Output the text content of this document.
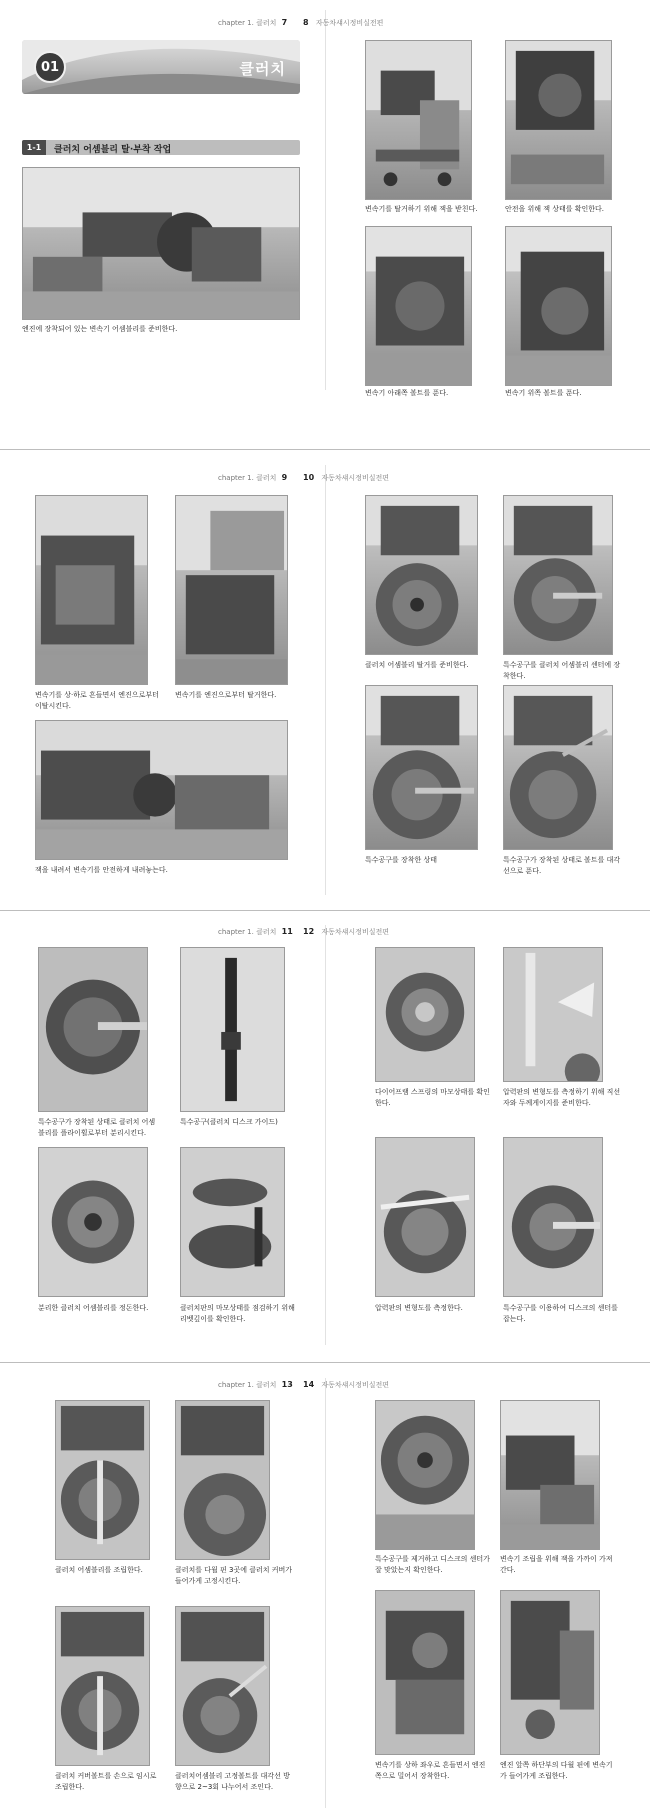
chapter 1. 클러치 7 8 자동차섀시정비실전편
01	클러치
1-1	클러치 어셈블리 탈·부착 작업
엔진에 장착되어 있는 변속기 어셈블리를 준비한다.
변속기를 탈거하기 위해 잭을 받친다.	안전을 위해 잭 상태를 확인한다.
변속기 아래쪽 볼트를 푼다.	변속기 위쪽 볼트를 푼다.
chapter 1. 클러치 9 10 자동차섀시정비실전편
변속기를 상·하로 흔들면서 엔진으로부터 이탈시킨다.
변속기를 엔진으로부터 탈거한다.
잭을 내려서 변속기를 안전하게 내려놓는다.
클러치 어셈블리 탈거를 준비한다.	특수공구를 클러치 어셈블리 센터에 장착한다.
특수공구를 장착한 상태	특수공구가 장착된 상태로 볼트를 대각선으로 푼다.
chapter 1. 클러치 11 12 자동차섀시정비실전편
특수공구가 장착된 상태로 클러치 어셈블리를 플라이휠로부터 분리시킨다.
특수공구(클러치 디스크 가이드)
분리한 클러치 어셈블리를 정돈한다.	클러치판의 마모상태를 점검하기 위해 리벳깊이를 확인한다.
다이어프램 스프링의 마모상태를 확인한다.
압력판의 변형도를 측정하기 위해 직선자와 두께게이지를 준비한다.
압력판의 변형도를 측정한다.	특수공구를 이용하여 디스크의 센터를 잡는다.
chapter 1. 클러치 13 14 자동차섀시정비실전편
클러치 어셈블리를 조립한다.	클러치를 다월 핀 3곳에 클러치 커버가 들어가게 고정시킨다.
클러치 커버볼트를 손으로 임시로 조립한다.
클러치어셈블리 고정볼트를 대각선 방향으로 2~3회 나누어서 조인다.
특수공구를 제거하고 디스크의 센터가 잘 맞았는지 확인한다.
변속기 조립을 위해 잭을 가까이 가져간다.
변속기를 상하 좌우로 흔들면서 엔진 쪽으로 밀어서 장착한다.
엔진 앞쪽 하단부의 다월 핀에 변속기가 들어가게 조립한다.
